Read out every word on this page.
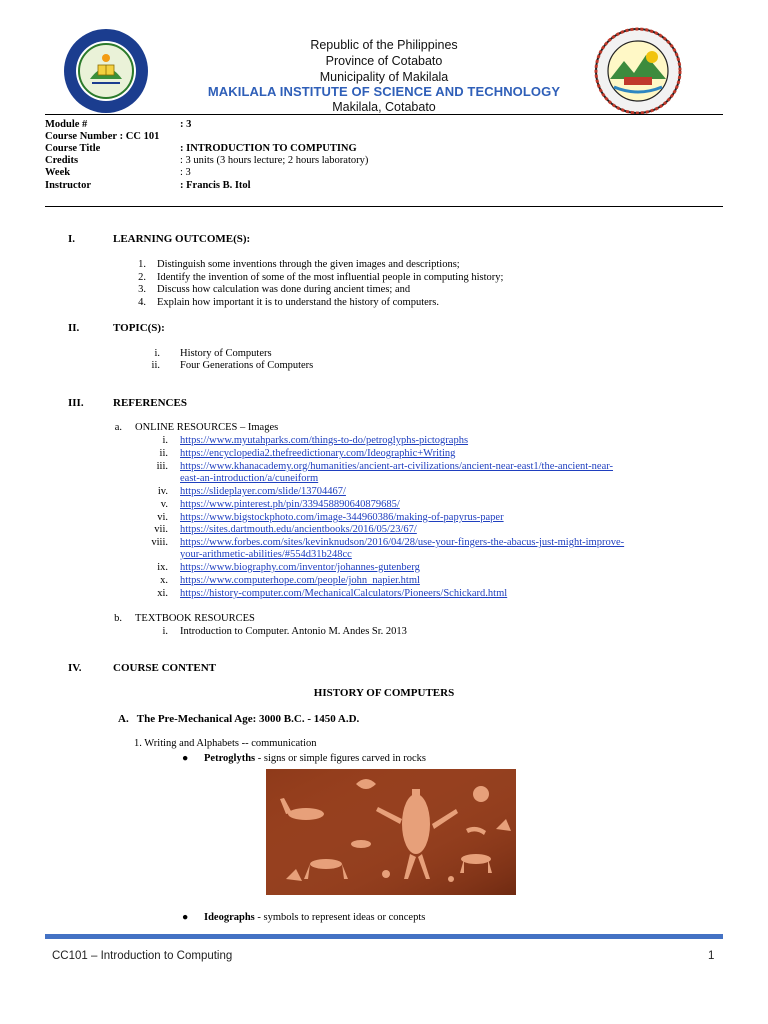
Republic of the Philippines
Province of Cotabato
Municipality of Makilala
MAKILALA INSTITUTE OF SCIENCE AND TECHNOLOGY
Makilala, Cotabato
Module #	: 3
Course Number : CC 101
Course Title	: INTRODUCTION TO COMPUTING
Credits	: 3 units (3 hours lecture; 2 hours laboratory)
Week	: 3
Instructor	: Francis B. Itol
I.	LEARNING OUTCOME(S):
1. Distinguish some inventions through the given images and descriptions;
2. Identify the invention of some of the most influential people in computing history;
3. Discuss how calculation was done during ancient times; and
4. Explain how important it is to understand the history of computers.
II.	TOPIC(S):
i. History of Computers
ii. Four Generations of Computers
III.	REFERENCES
a. ONLINE RESOURCES – Images
i. https://www.myutahparks.com/things-to-do/petroglyphs-pictographs
ii. https://encyclopedia2.thefreedictionary.com/Ideographic+Writing
iii. https://www.khanacademy.org/humanities/ancient-art-civilizations/ancient-near-east1/the-ancient-near-
east-an-introduction/a/cuneiform
iv. https://slideplayer.com/slide/13704467/
v. https://www.pinterest.ph/pin/339458890640879685/
vi. https://www.bigstockphoto.com/image-344960386/making-of-papyrus-paper
vii. https://sites.dartmouth.edu/ancientbooks/2016/05/23/67/
viii. https://www.forbes.com/sites/kevinknudson/2016/04/28/use-your-fingers-the-abacus-just-might-improve-
your-arithmetic-abilities/#554d31b248cc
ix. https://www.biography.com/inventor/johannes-gutenberg
x. https://www.computerhope.com/people/john_napier.html
xi. https://history-computer.com/MechanicalCalculators/Pioneers/Schickard.html
b. TEXTBOOK RESOURCES
i. Introduction to Computer. Antonio M. Andes Sr. 2013
IV.	COURSE CONTENT
HISTORY OF COMPUTERS
A.   The Pre-Mechanical Age: 3000 B.C. - 1450 A.D.
1. Writing and Alphabets -- communication
● Petroglyths - signs or simple figures carved in rocks
● Ideographs - symbols to represent ideas or concepts
CC101 – Introduction to Computing	1
